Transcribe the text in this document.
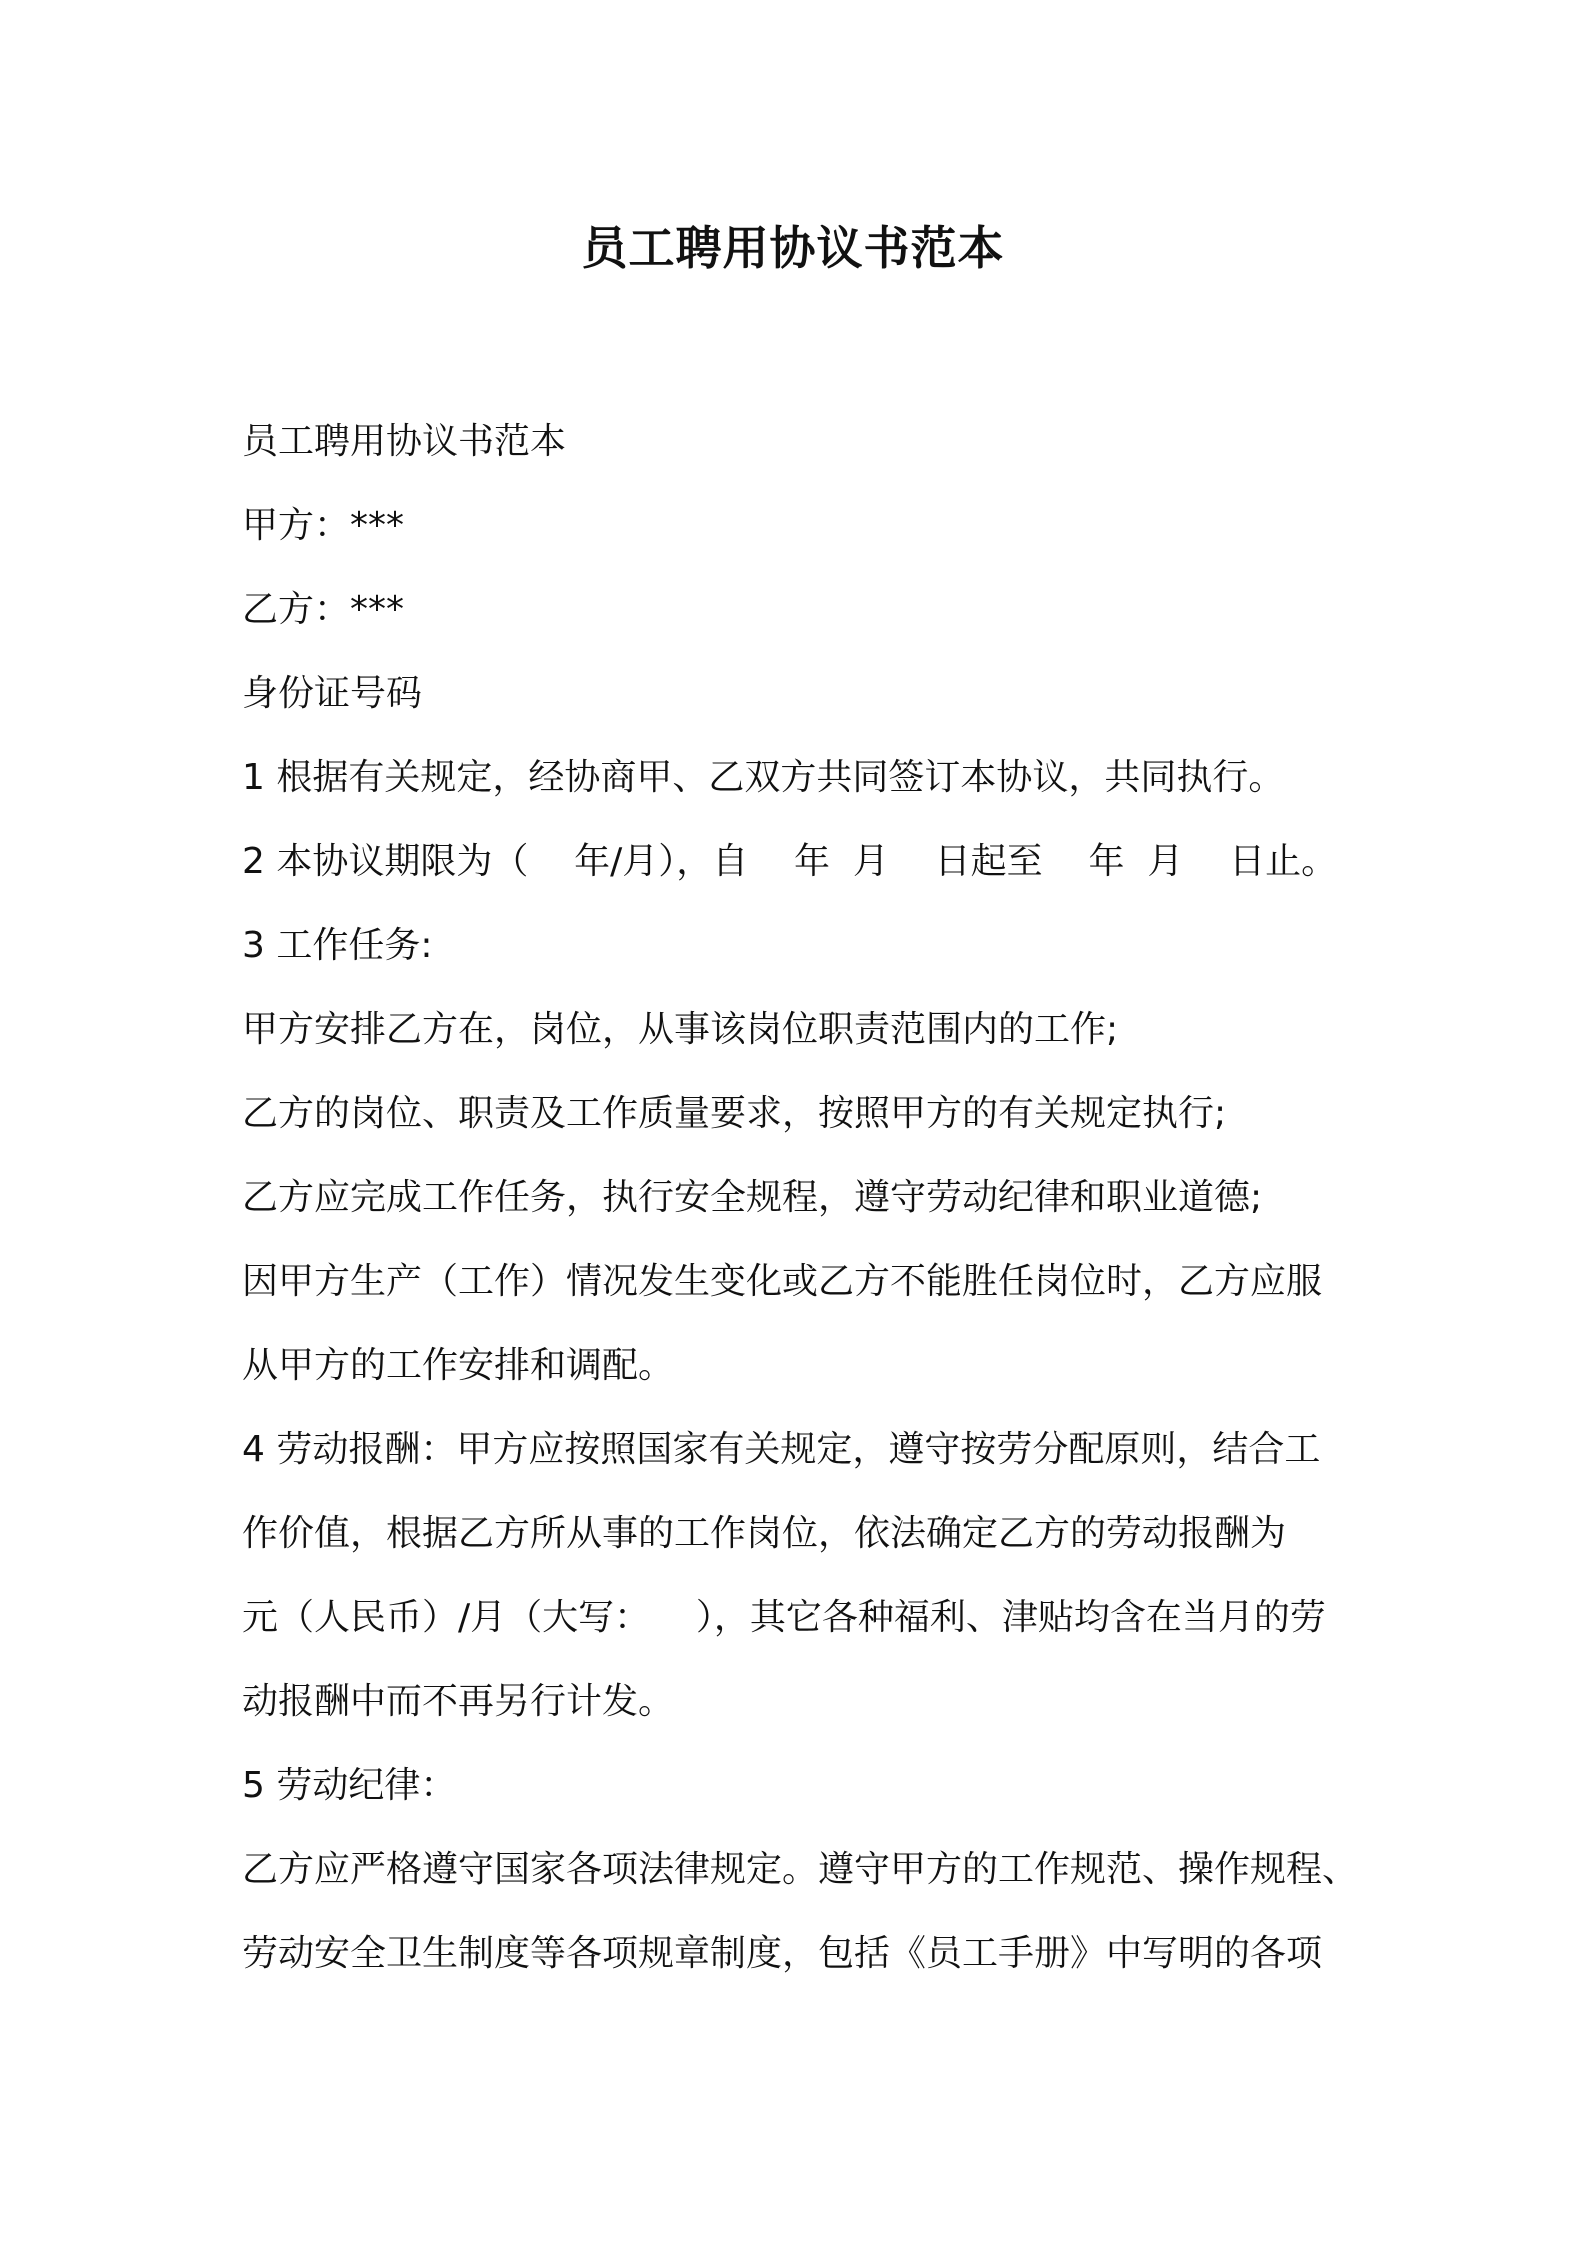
员工聘用协议书范本
员工聘用协议书范本
甲方：***
乙方：***
身份证号码
1 根据有关规定，经协商甲、乙双方共同签订本协议，共同执行。
2 本协议期限为（    年/月），自    年  月    日起至    年  月    日止。
3 工作任务:
甲方安排乙方在，岗位，从事该岗位职责范围内的工作;
乙方的岗位、职责及工作质量要求，按照甲方的有关规定执行;
乙方应完成工作任务，执行安全规程，遵守劳动纪律和职业道德;
因甲方生产（工作）情况发生变化或乙方不能胜任岗位时，乙方应服
从甲方的工作安排和调配。
4 劳动报酬：甲方应按照国家有关规定，遵守按劳分配原则，结合工
作价值，根据乙方所从事的工作岗位，依法确定乙方的劳动报酬为
元（人民币）/月（大写：    ），其它各种福利、津贴均含在当月的劳
动报酬中而不再另行计发。
5 劳动纪律：
乙方应严格遵守国家各项法律规定。遵守甲方的工作规范、操作规程、
劳动安全卫生制度等各项规章制度，包括《员工手册》中写明的各项
